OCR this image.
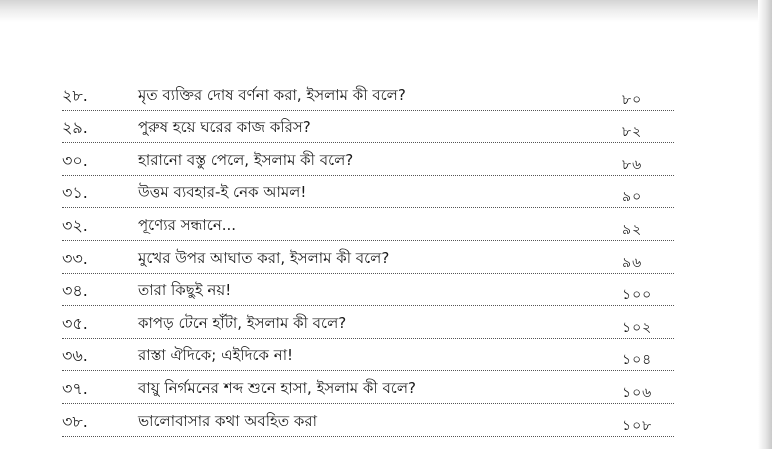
২৮.	মৃত ব্যক্তির দোষ বর্ণনা করা, ইসলাম কী বলে?	৮০
২৯.	পুরুষ হয়ে ঘরের কাজ করিস?	৮২
৩০.	হারানো বস্তু পেলে, ইসলাম কী বলে?	৮৬
৩১.	উত্তম ব্যবহার-ই নেক আমল!	৯০
৩২.	পূণ্যের সন্ধানে...	৯২
৩৩.	মুখের উপর আঘাত করা, ইসলাম কী বলে?	৯৬
৩৪.	তারা কিছুই নয়!	১০০
৩৫.	কাপড় টেনে হাঁটা, ইসলাম কী বলে?	১০২
৩৬.	রাস্তা ঐদিকে; এইদিকে না!	১০৪
৩৭.	বায়ু নির্গমনের শব্দ শুনে হাসা, ইসলাম কী বলে?	১০৬
৩৮.	ভালোবাসার কথা অবহিত করা	১০৮
